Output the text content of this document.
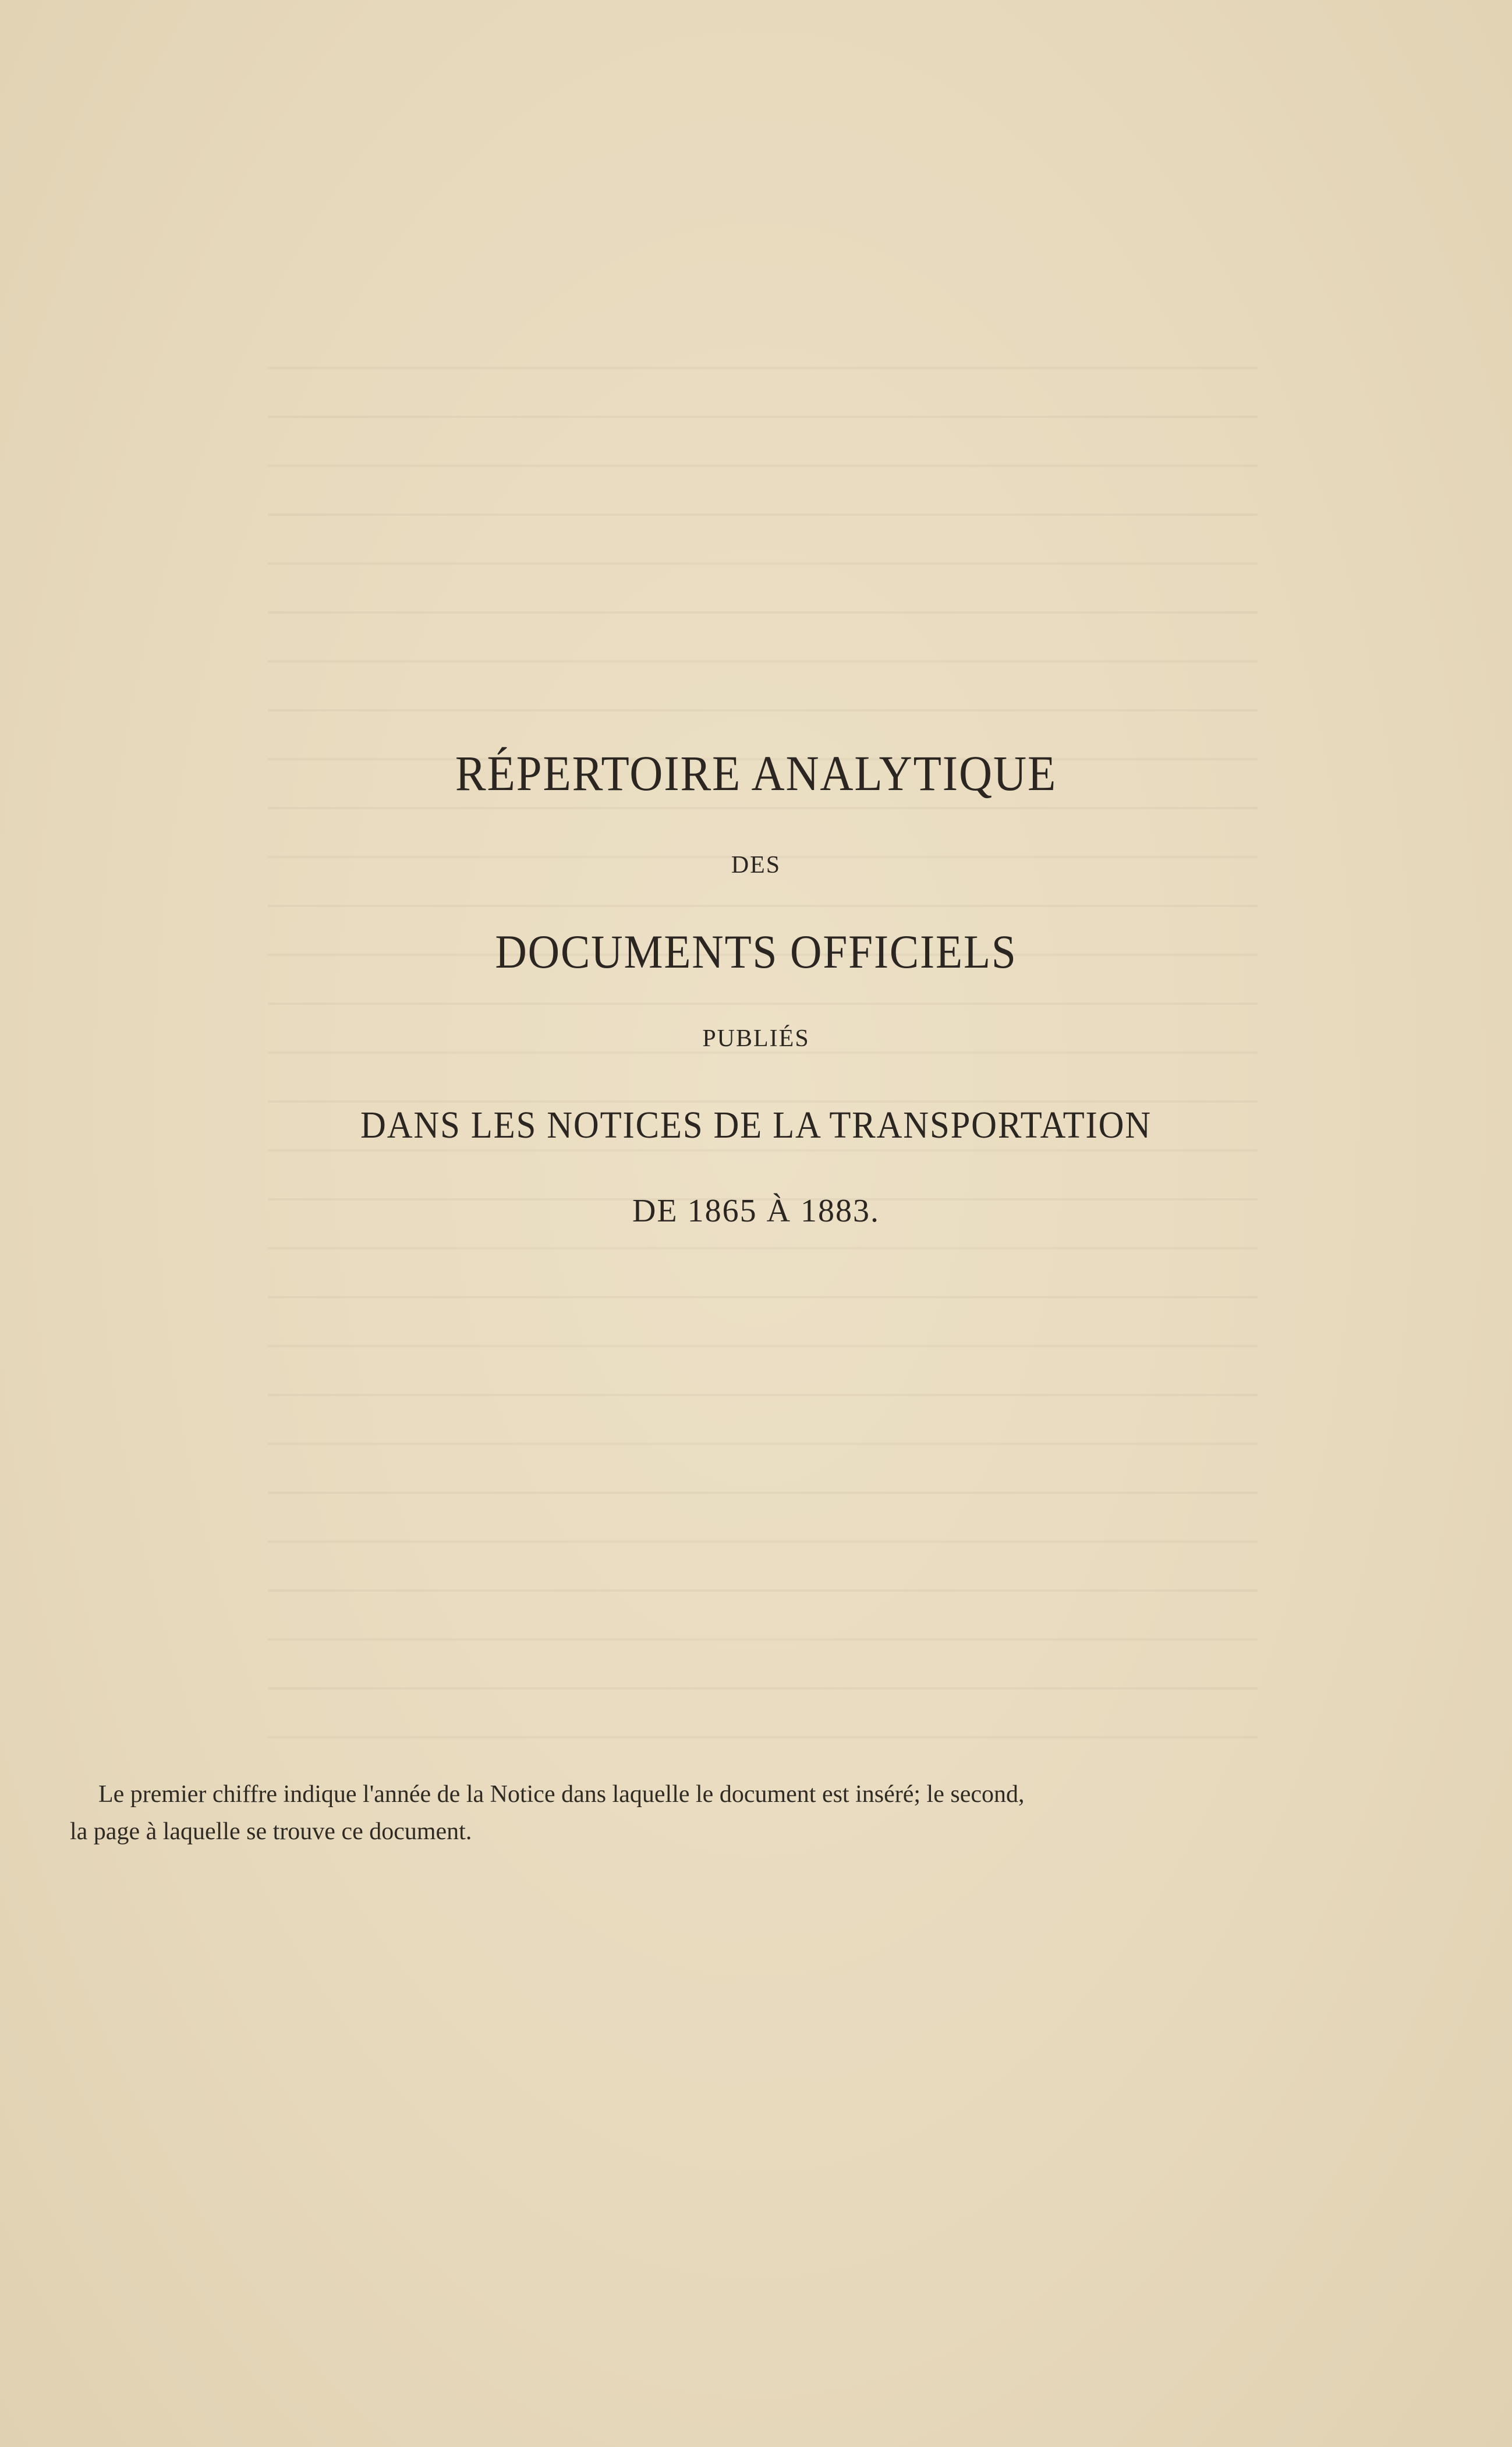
RÉPERTOIRE ANALYTIQUE
DES
DOCUMENTS OFFICIELS
PUBLIÉS
DANS LES NOTICES DE LA TRANSPORTATION
DE 1865 À 1883.
Le premier chiffre indique l'année de la Notice dans laquelle le document est inséré; le second,
la page à laquelle se trouve ce document.
